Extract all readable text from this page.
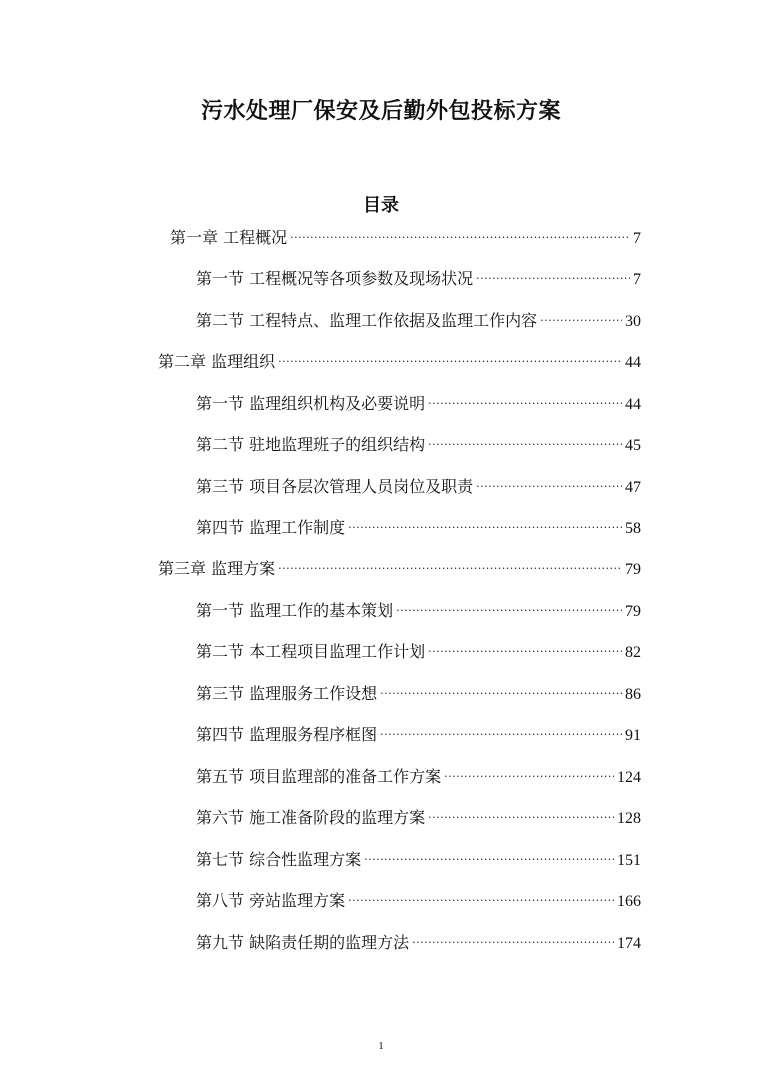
污水处理厂保安及后勤外包投标方案
目录
第一章 工程概况 . . .	7
第一节 工程概况等各项参数及现场状况 . . .	7
第二节 工程特点、监理工作依据及监理工作内容 . . .	30
第二章 监理组织 . . .	44
第一节 监理组织机构及必要说明 . . .	44
第二节 驻地监理班子的组织结构 . . .	45
第三节 项目各层次管理人员岗位及职责 . . .	47
第四节 监理工作制度 . . .	58
第三章 监理方案 . . .	79
第一节 监理工作的基本策划 . . .	79
第二节 本工程项目监理工作计划 . . .	82
第三节 监理服务工作设想 . . .	86
第四节 监理服务程序框图 . . .	91
第五节 项目监理部的准备工作方案 . . .	124
第六节 施工准备阶段的监理方案 . . .	128
第七节 综合性监理方案 . . .	151
第八节 旁站监理方案 . . .	166
第九节 缺陷责任期的监理方法 . . .	174
1
